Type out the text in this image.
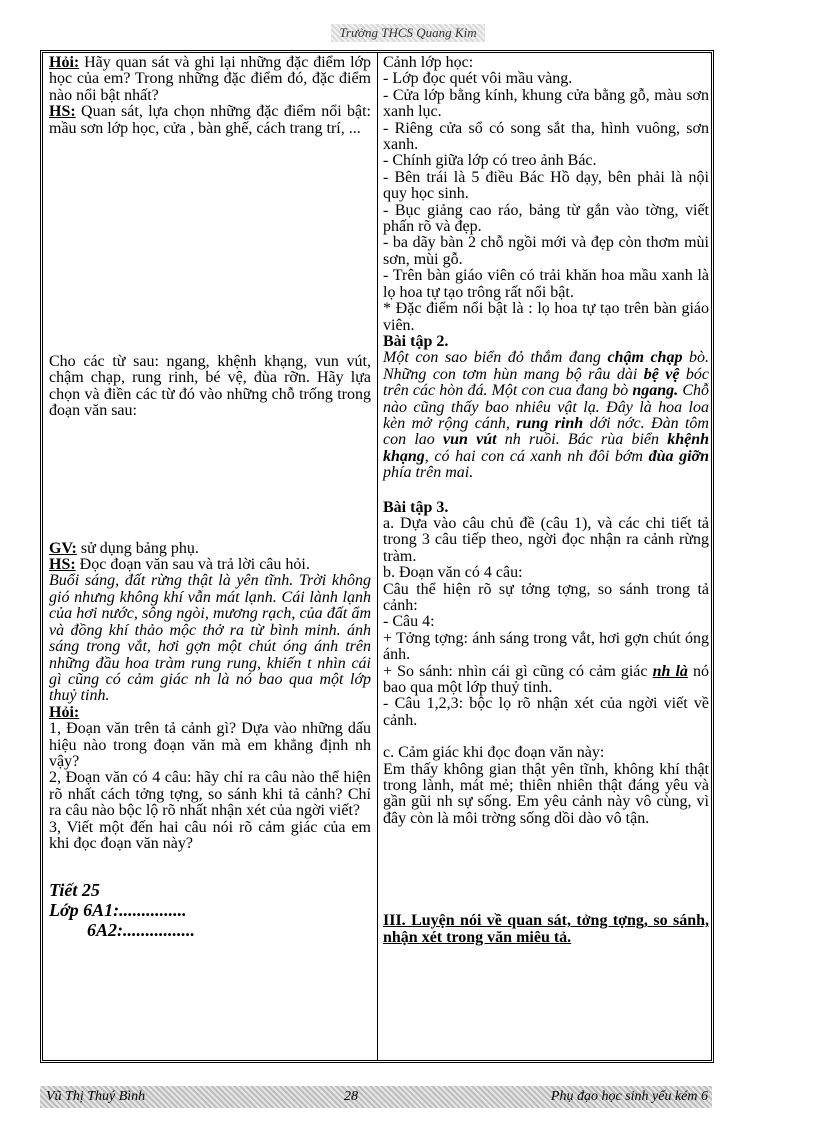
Trường THCS Quang Kim

Hỏi: Hãy quan sát và ghi lại những đặc điểm lớp học của em? Trong những đặc điểm đó, đặc điểm nào nổi bật nhất?

HS: Quan sát, lựa chọn những đặc điểm nổi bật: mầu sơn lớp học, cửa , bàn ghế, cách trang trí, ...

Cho các từ sau: ngang, khệnh khạng, vun vút, chậm chạp, rung rinh, bé vệ, đùa rỡn. Hãy lựa chọn và điền các từ đó vào những chỗ trống trong đoạn văn sau:

GV: sử dụng bảng phụ.

HS: Đọc đoạn văn sau và trả lời câu hỏi.

Buổi sáng, đất rừng thật là yên tĩnh. Trời không gió nhưng không khí vẫn mát lạnh. Cái lành lạnh của hơi nước, sông ngòi, mương rạch, của đất ẩm và đồng khí thảo mộc thở ra từ bình minh. ánh sáng trong vắt, hơi gợn một chút óng ánh trên những đầu hoa tràm rung rung, khiến t nhìn cái gì cũng có cảm giác nh là nó bao qua một lớp thuỷ tinh.

Hỏi:

1, Đoạn văn trên tả cảnh gì? Dựa vào những dấu hiệu nào trong đoạn văn mà em khẳng định nh vậy?

2, Đoạn văn có 4 câu: hãy chỉ ra câu nào thể hiện rõ nhất cách tởng tợng, so sánh khi tả cảnh? Chỉ ra câu nào bộc lộ rõ nhất nhận xét của ngời viết?

3, Viết một đến hai câu nói rõ cảm giác của em khi đọc đoạn văn này?

Tiết 25

Lớp 6A1:...............

6A2:................

Cảnh lớp học:

- Lớp đọc quét vôi mầu vàng.

- Cửa lớp bằng kính, khung cửa bằng gỗ, màu sơn xanh lục.

- Riêng cửa sổ có song sắt tha, hình vuông, sơn xanh.

- Chính giữa lớp có treo ảnh Bác.

- Bên trái là 5 điều Bác Hồ dạy, bên phải là nội quy học sinh.

- Bục giảng cao ráo, bảng từ gắn vào tờng, viết phấn rõ và đẹp.

- ba dãy bàn 2 chỗ ngồi mới và đẹp còn thơm mùi sơn, mùi gỗ.

- Trên bàn giáo viên có trải khăn hoa mầu xanh là lọ hoa tự tạo trông rất nổi bật.

* Đặc điểm nổi bật là : lọ hoa tự tạo trên bàn giáo viên.

Bài tập 2.

Một con sao biển đỏ thắm đang chậm chạp bò. Những con tơm hùn mang bộ râu dài bệ vệ bóc trên các hòn đá. Một con cua đang bò ngang. Chỗ nào cũng thấy bao nhiêu vật lạ. Đây là hoa loa kèn mở rộng cánh, rung rinh dới nớc. Đàn tôm con lao vun vút nh ruồi. Bác rùa biển khệnh khạng, có hai con cá xanh nh đôi bớm đùa giỡn phía trên mai.

Bài tập 3.

a. Dựa vào câu chủ đề (câu 1), và các chi tiết tả trong 3 câu tiếp theo, ngời đọc nhận ra cảnh rừng tràm.

b. Đoạn văn có 4 câu:

Câu thể hiện rõ sự tởng tợng, so sánh trong tả cảnh:

- Câu 4:

+ Tởng tợng: ánh sáng trong vắt, hơi gợn chút óng ánh.

+ So sánh: nhìn cái gì cũng có cảm giác nh là nó bao qua một lớp thuỷ tinh.

- Câu 1,2,3: bộc lọ rõ nhận xét của ngời viết về cảnh.

c. Cảm giác khi đọc đoạn văn này:

Em thấy không gian thật yên tĩnh, không khí thật trong lành, mát mẻ; thiên nhiên thật đáng yêu và gần gũi nh sự sống. Em yêu cảnh này vô cùng, vì đây còn là môi trờng sống dồi dào vô tận.

III. Luyện nói về quan sát, tởng tợng, so sánh, nhận xét trong văn miêu tả.

Vũ Thị Thuý Bình	28	Phụ đạo học sinh yếu kém 6
